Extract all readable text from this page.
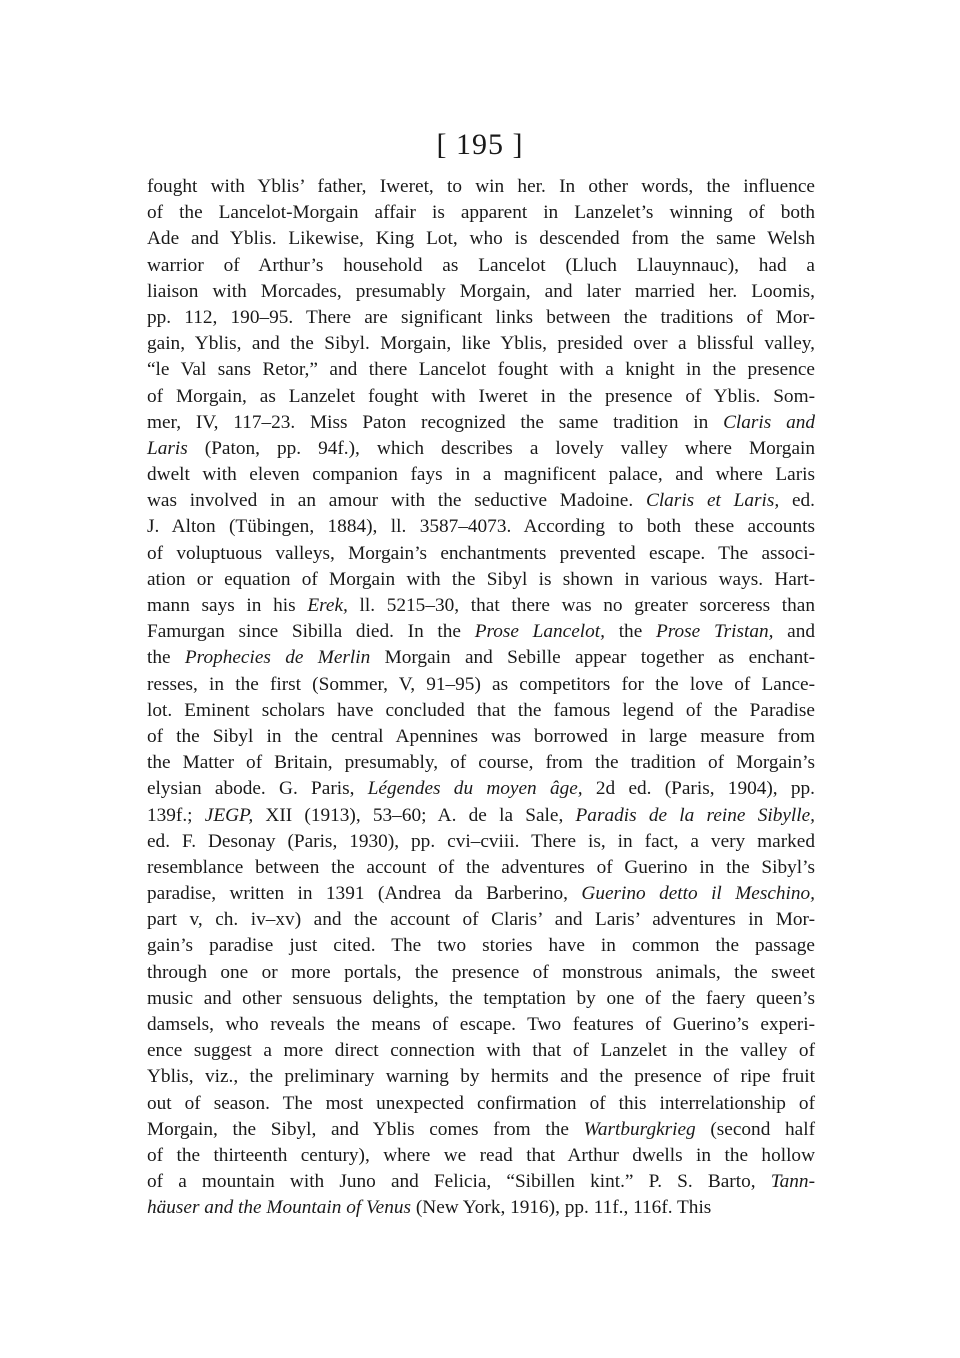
[ 195 ]
fought with Yblis’ father, Iweret, to win her. In other words, the influence
of the Lancelot-Morgain affair is apparent in Lanzelet’s winning of both
Ade and Yblis. Likewise, King Lot, who is descended from the same Welsh
warrior of Arthur’s household as Lancelot (Lluch Llauynnauc), had a
liaison with Morcades, presumably Morgain, and later married her. Loomis,
pp. 112, 190–95. There are significant links between the traditions of Mor-
gain, Yblis, and the Sibyl. Morgain, like Yblis, presided over a blissful valley,
“le Val sans Retor,” and there Lancelot fought with a knight in the presence
of Morgain, as Lanzelet fought with Iweret in the presence of Yblis. Som-
mer, IV, 117–23. Miss Paton recognized the same tradition in Claris and
Laris (Paton, pp. 94f.), which describes a lovely valley where Morgain
dwelt with eleven companion fays in a magnificent palace, and where Laris
was involved in an amour with the seductive Madoine. Claris et Laris, ed.
J. Alton (Tübingen, 1884), ll. 3587–4073. According to both these accounts
of voluptuous valleys, Morgain’s enchantments prevented escape. The associ-
ation or equation of Morgain with the Sibyl is shown in various ways. Hart-
mann says in his Erek, ll. 5215–30, that there was no greater sorceress than
Famurgan since Sibilla died. In the Prose Lancelot, the Prose Tristan, and
the Prophecies de Merlin Morgain and Sebille appear together as enchant-
resses, in the first (Sommer, V, 91–95) as competitors for the love of Lance-
lot. Eminent scholars have concluded that the famous legend of the Paradise
of the Sibyl in the central Apennines was borrowed in large measure from
the Matter of Britain, presumably, of course, from the tradition of Morgain’s
elysian abode. G. Paris, Légendes du moyen âge, 2d ed. (Paris, 1904), pp.
139f.; JEGP, XII (1913), 53–60; A. de la Sale, Paradis de la reine Sibylle,
ed. F. Desonay (Paris, 1930), pp. cvi–cviii. There is, in fact, a very marked
resemblance between the account of the adventures of Guerino in the Sibyl’s
paradise, written in 1391 (Andrea da Barberino, Guerino detto il Meschino,
part v, ch. iv–xv) and the account of Claris’ and Laris’ adventures in Mor-
gain’s paradise just cited. The two stories have in common the passage
through one or more portals, the presence of monstrous animals, the sweet
music and other sensuous delights, the temptation by one of the faery queen’s
damsels, who reveals the means of escape. Two features of Guerino’s experi-
ence suggest a more direct connection with that of Lanzelet in the valley of
Yblis, viz., the preliminary warning by hermits and the presence of ripe fruit
out of season. The most unexpected confirmation of this interrelationship of
Morgain, the Sibyl, and Yblis comes from the Wartburgkrieg (second half
of the thirteenth century), where we read that Arthur dwells in the hollow
of a mountain with Juno and Felicia, “Sibillen kint.” P. S. Barto, Tann-
häuser and the Mountain of Venus (New York, 1916), pp. 11f., 116f. This
